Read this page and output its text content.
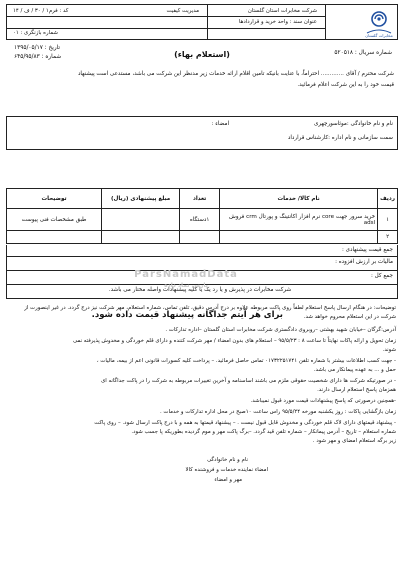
مخابرات گلستان
شرکت مخابرات استان گلستان
مدیریت کیفیت
کد : فرم۱ / ۳۰ / ف / ۱۴
عنوان سند : واحد خرید و قراردادها
شماره بازنگری : ۰۱
تاریخ : ۱۳۹۵/۰۵/۱۷
شماره : ۶۴۵/۹۵/۸۳
شماره سریال : ۵۲۰۵۱۸
(استعلام بهاء)
شرکت محترم / آقای ............. احتراماً، با عنایت بانیکه تامین اقلام ارائه خدمات زیر مدنظر این شرکت می باشد، مستدعی است پیشنهاد
قیمت خود را به این شرکت اعلام فرمائید.
نام و نام خانوادگی :موثاسورچهری
امضاء :
سمت سازمانی و نام اداره :کارشناس قرارداد
ردیف	نام کالا/ خدمات	تعداد	مبلغ پیشنهادی (ریال)	توضیحات
۱	خرید سرور جهت core نرم افزار اکانتینگ و پورتال crm فروش adsl	۱دستگاه		طبق مشخصات فنی پیوست
۲				
جمع قیمت پیشنهادی :
مالیات بر ارزش افزوده :
جمع کل :
شرکت مخابرات در پذیرش و یا رد یک یا کلیه پیشنهادات واصله مختار می باشد.
ParsNamadData
پارس نماد داده
توضیحات: در هنگام ارسال پاسخ استعلام لطفاً روی پاکت مربوطه علاوه بر درج آدرس دقیق، تلفن تماس، شماره استعلام، مهر شرکت نیز درج گردد. در غیر اینصورت از
شرکت در این استعلام محروم خواهد شد.
برای هر آیتم جداگانه پیشنهاد قیمت داده شود.
آدرس:گرگان –خیابان شهید بهشتی –روبروی دادگستری شرکت مخابرات استان گلستان –اداره تدارکات .
زمان تحویل و ارائه پاکات نهایتاً تا ساعت ۸ : ۹۵/۵/۲۳ – استعلام های بدون امضاء / مهر شرکت کننده و دارای قلم خوردگی و مخدوش پذیرفته نمی
شوند.
- جهت کسب اطلاعات بیشتر با شماره تلفن ۰۱۷۳۲۲۵۱۷۴۱ تماس حاصل فرمائید. – پرداخت کلیه کسورات قانونی اعم از بیمه، مالیات ،
حمل و ... به عهده پیمانکار می باشد.
- در صورتیکه شرکت ها دارای شخصیت حقوقی ملزم می باشند اساسنامه و آخرین تغییرات مربوطه به شرکت را در پاکت جداگانه ای
همزمان پاسخ استعلام ارسال دارند.
-همچنین درصورتی که پاسخ پیشنهادات قیمت مورد قبول نمیباشد.
زمان بازگشایی پاکات : روز یکشنبه مورخه ۹۵/۵/۲۴ راس ساعت ۱۰صبح در محل اداره تدارکات و خدمات .
- پیشنهاد قیمتهای دارای لاک قلم خوردگی و مخدوش قابل قبول نیست . – پیشنهاد قیمتها به همه و با درج پاکت ارسال شود. – روی پاکت
شماره استعلام – تاریخ – آدرس پیمانکار – شماره تلفن قید گردد. –برگ پاکت مهر و موم گردیده بطوریکه پا جسب شود.
زیر برگه استعلام امضای و مهر شود .
نام و نام خانوادگی
امضاء نماینده خدمات و فروشنده کالا
مهر و امضاء
